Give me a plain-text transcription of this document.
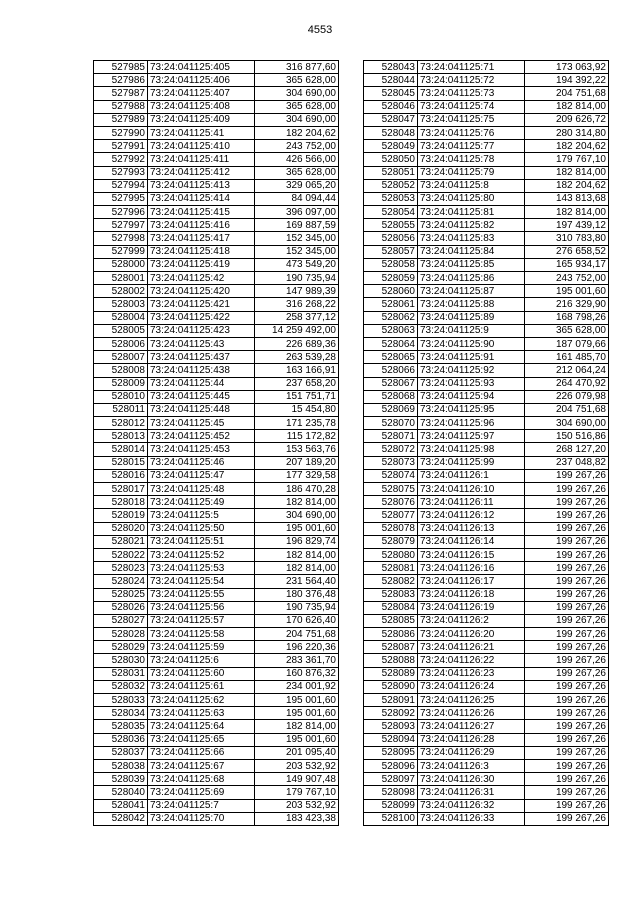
4553
527985	73:24:041125:405	316 877,60
527986	73:24:041125:406	365 628,00
527987	73:24:041125:407	304 690,00
527988	73:24:041125:408	365 628,00
527989	73:24:041125:409	304 690,00
527990	73:24:041125:41	182 204,62
527991	73:24:041125:410	243 752,00
527992	73:24:041125:411	426 566,00
527993	73:24:041125:412	365 628,00
527994	73:24:041125:413	329 065,20
527995	73:24:041125:414	84 094,44
527996	73:24:041125:415	396 097,00
527997	73:24:041125:416	169 887,59
527998	73:24:041125:417	152 345,00
527999	73:24:041125:418	152 345,00
528000	73:24:041125:419	473 549,20
528001	73:24:041125:42	190 735,94
528002	73:24:041125:420	147 989,39
528003	73:24:041125:421	316 268,22
528004	73:24:041125:422	258 377,12
528005	73:24:041125:423	14 259 492,00
528006	73:24:041125:43	226 689,36
528007	73:24:041125:437	263 539,28
528008	73:24:041125:438	163 166,91
528009	73:24:041125:44	237 658,20
528010	73:24:041125:445	151 751,71
528011	73:24:041125:448	15 454,80
528012	73:24:041125:45	171 235,78
528013	73:24:041125:452	115 172,82
528014	73:24:041125:453	153 563,76
528015	73:24:041125:46	207 189,20
528016	73:24:041125:47	177 329,58
528017	73:24:041125:48	186 470,28
528018	73:24:041125:49	182 814,00
528019	73:24:041125:5	304 690,00
528020	73:24:041125:50	195 001,60
528021	73:24:041125:51	196 829,74
528022	73:24:041125:52	182 814,00
528023	73:24:041125:53	182 814,00
528024	73:24:041125:54	231 564,40
528025	73:24:041125:55	180 376,48
528026	73:24:041125:56	190 735,94
528027	73:24:041125:57	170 626,40
528028	73:24:041125:58	204 751,68
528029	73:24:041125:59	196 220,36
528030	73:24:041125:6	283 361,70
528031	73:24:041125:60	160 876,32
528032	73:24:041125:61	234 001,92
528033	73:24:041125:62	195 001,60
528034	73:24:041125:63	195 001,60
528035	73:24:041125:64	182 814,00
528036	73:24:041125:65	195 001,60
528037	73:24:041125:66	201 095,40
528038	73:24:041125:67	203 532,92
528039	73:24:041125:68	149 907,48
528040	73:24:041125:69	179 767,10
528041	73:24:041125:7	203 532,92
528042	73:24:041125:70	183 423,38
528043	73:24:041125:71	173 063,92
528044	73:24:041125:72	194 392,22
528045	73:24:041125:73	204 751,68
528046	73:24:041125:74	182 814,00
528047	73:24:041125:75	209 626,72
528048	73:24:041125:76	280 314,80
528049	73:24:041125:77	182 204,62
528050	73:24:041125:78	179 767,10
528051	73:24:041125:79	182 814,00
528052	73:24:041125:8	182 204,62
528053	73:24:041125:80	143 813,68
528054	73:24:041125:81	182 814,00
528055	73:24:041125:82	197 439,12
528056	73:24:041125:83	310 783,80
528057	73:24:041125:84	276 658,52
528058	73:24:041125:85	165 934,17
528059	73:24:041125:86	243 752,00
528060	73:24:041125:87	195 001,60
528061	73:24:041125:88	216 329,90
528062	73:24:041125:89	168 798,26
528063	73:24:041125:9	365 628,00
528064	73:24:041125:90	187 079,66
528065	73:24:041125:91	161 485,70
528066	73:24:041125:92	212 064,24
528067	73:24:041125:93	264 470,92
528068	73:24:041125:94	226 079,98
528069	73:24:041125:95	204 751,68
528070	73:24:041125:96	304 690,00
528071	73:24:041125:97	150 516,86
528072	73:24:041125:98	268 127,20
528073	73:24:041125:99	237 048,82
528074	73:24:041126:1	199 267,26
528075	73:24:041126:10	199 267,26
528076	73:24:041126:11	199 267,26
528077	73:24:041126:12	199 267,26
528078	73:24:041126:13	199 267,26
528079	73:24:041126:14	199 267,26
528080	73:24:041126:15	199 267,26
528081	73:24:041126:16	199 267,26
528082	73:24:041126:17	199 267,26
528083	73:24:041126:18	199 267,26
528084	73:24:041126:19	199 267,26
528085	73:24:041126:2	199 267,26
528086	73:24:041126:20	199 267,26
528087	73:24:041126:21	199 267,26
528088	73:24:041126:22	199 267,26
528089	73:24:041126:23	199 267,26
528090	73:24:041126:24	199 267,26
528091	73:24:041126:25	199 267,26
528092	73:24:041126:26	199 267,26
528093	73:24:041126:27	199 267,26
528094	73:24:041126:28	199 267,26
528095	73:24:041126:29	199 267,26
528096	73:24:041126:3	199 267,26
528097	73:24:041126:30	199 267,26
528098	73:24:041126:31	199 267,26
528099	73:24:041126:32	199 267,26
528100	73:24:041126:33	199 267,26
